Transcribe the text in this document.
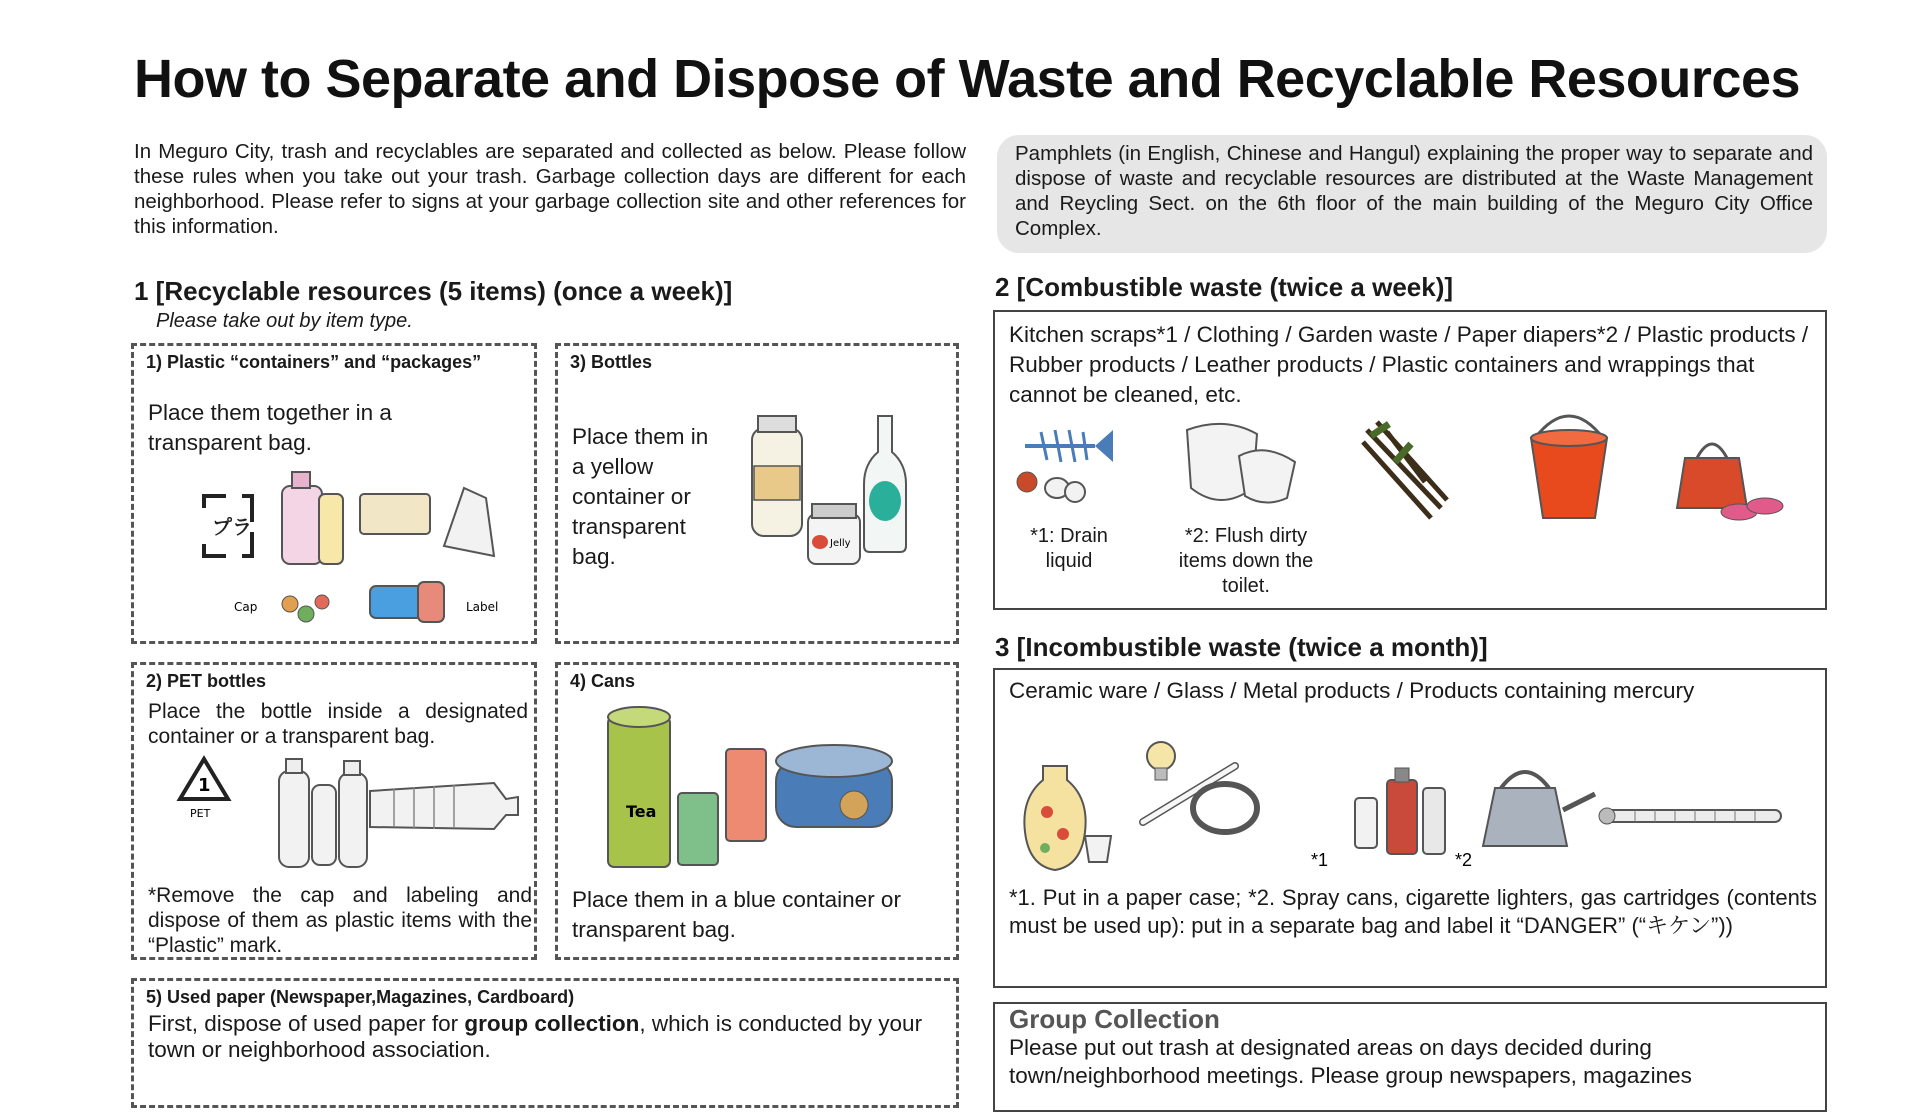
How to Separate and Dispose of Waste and Recyclable Resources
In Meguro City, trash and recyclables are separated and collected as below. Please follow these rules when you take out your trash. Garbage collection days are different for each neighborhood. Please refer to signs at your garbage collection site and other references for this information.
Pamphlets (in English, Chinese and Hangul) explaining the proper way to separate and dispose of waste and recyclable resources are distributed at the Waste Management and Reycling Sect. on the 6th floor of the main building of the Meguro City Office Complex.
1 [Recyclable resources (5 items) (once a week)]
Please take out by item type.
1) Plastic “containers” and “packages”
Place them together in a transparent bag.
プラ
Cap	Label
3) Bottles
Place them in a yellow container or transparent bag.
Jelly
2) PET bottles
Place the bottle inside a designated container or a transparent bag.
1
PET
*Remove the cap and labeling and dispose of them as plastic items with the “Plastic” mark.
4) Cans
Tea
Place them in a blue container or transparent bag.
5) Used paper (Newspaper,Magazines, Cardboard)
First, dispose of used paper for group collection, which is conducted by your town or neighborhood association.
2 [Combustible waste (twice a week)]
Kitchen scraps*1 / Clothing / Garden waste / Paper diapers*2 / Plastic products / Rubber products / Leather products / Plastic containers and wrappings that cannot be cleaned, etc.
*1: Drain liquid
*2: Flush dirty items down the toilet.
3 [Incombustible waste (twice a month)]
Ceramic ware / Glass / Metal products / Products containing mercury
*1	*2
*1. Put in a paper case; *2. Spray cans, cigarette lighters, gas cartridges (contents must be used up): put in a separate bag and label it “DANGER” (“キケン”))
Group Collection
Please put out trash at designated areas on days decided during town/neighborhood meetings. Please group newspapers, magazines
